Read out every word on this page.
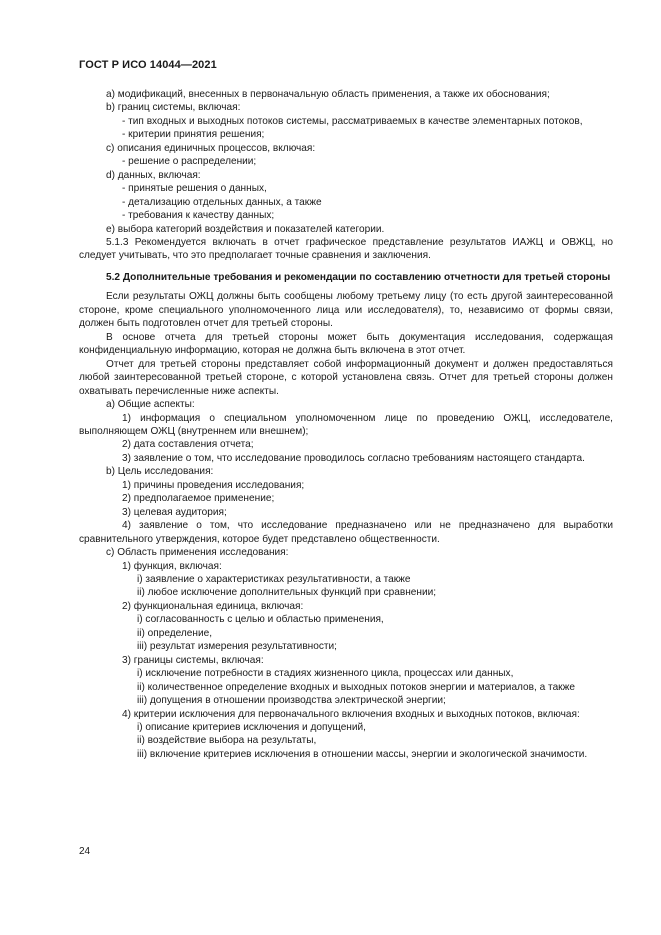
ГОСТ Р ИСО 14044—2021

а) модификаций, внесенных в первоначальную область применения, а также их обоснования;

b) границ системы, включая:

- тип входных и выходных потоков системы, рассматриваемых в качестве элементарных потоков,

- критерии принятия решения;

c) описания единичных процессов, включая:

- решение о распределении;

d) данных, включая:

- принятые решения о данных,

- детализацию отдельных данных, а также

- требования к качеству данных;

e) выбора категорий воздействия и показателей категории.

5.1.3 Рекомендуется включать в отчет графическое представление результатов ИАЖЦ и ОВЖЦ, но следует учитывать, что это предполагает точные сравнения и заключения.

5.2 Дополнительные требования и рекомендации по составлению отчетности для третьей стороны

Если результаты ОЖЦ должны быть сообщены любому третьему лицу (то есть другой заинтересованной стороне, кроме специального уполномоченного лица или исследователя), то, независимо от формы связи, должен быть подготовлен отчет для третьей стороны.

В основе отчета для третьей стороны может быть документация исследования, содержащая конфиденциальную информацию, которая не должна быть включена в этот отчет.

Отчет для третьей стороны представляет собой информационный документ и должен предоставляться любой заинтересованной третьей стороне, с которой установлена связь. Отчет для третьей стороны должен охватывать перечисленные ниже аспекты.

а) Общие аспекты:

1) информация о специальном уполномоченном лице по проведению ОЖЦ, исследователе, выполняющем ОЖЦ (внутреннем или внешнем);

2) дата составления отчета;

3) заявление о том, что исследование проводилось согласно требованиям настоящего стандарта.

b) Цель исследования:

1) причины проведения исследования;

2) предполагаемое применение;

3) целевая аудитория;

4) заявление о том, что исследование предназначено или не предназначено для выработки сравнительного утверждения, которое будет представлено общественности.

c) Область применения исследования:

1) функция, включая:

i) заявление о характеристиках результативности, а также

ii) любое исключение дополнительных функций при сравнении;

2) функциональная единица, включая:

i) согласованность с целью и областью применения,

ii) определение,

iii) результат измерения результативности;

3) границы системы, включая:

i) исключение потребности в стадиях жизненного цикла, процессах или данных,

ii) количественное определение входных и выходных потоков энергии и материалов, а также

iii) допущения в отношении производства электрической энергии;

4) критерии исключения для первоначального включения входных и выходных потоков, включая:

i) описание критериев исключения и допущений,

ii) воздействие выбора на результаты,

iii) включение критериев исключения в отношении массы, энергии и экологической значимости.

24
